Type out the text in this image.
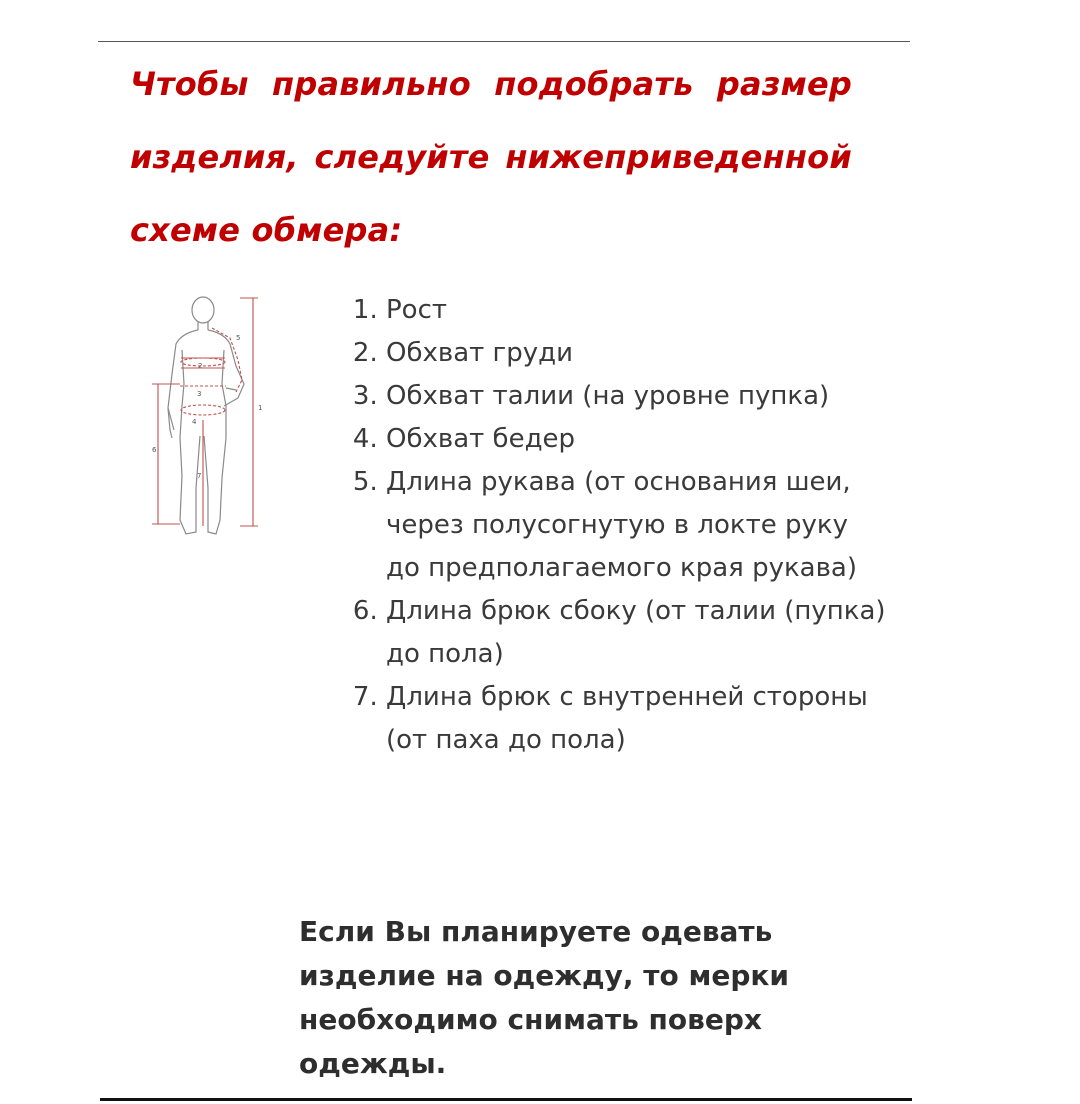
Чтобы правильно подобрать размер изделия, следуйте нижеприведенной схеме обмера:

1
2
3
4
5
6
7
1. Рост
2. Обхват груди
3. Обхват талии (на уровне пупка)
4. Обхват бедер
5. Длина рукава (от основания шеи, через полусогнутую в локте руку до предполагаемого края рукава)
6. Длина брюк сбоку (от талии (пупка) до пола)
7. Длина брюк с внутренней стороны (от паха до пола)

Если Вы планируете одевать изделие на одежду, то мерки необходимо снимать поверх одежды.
